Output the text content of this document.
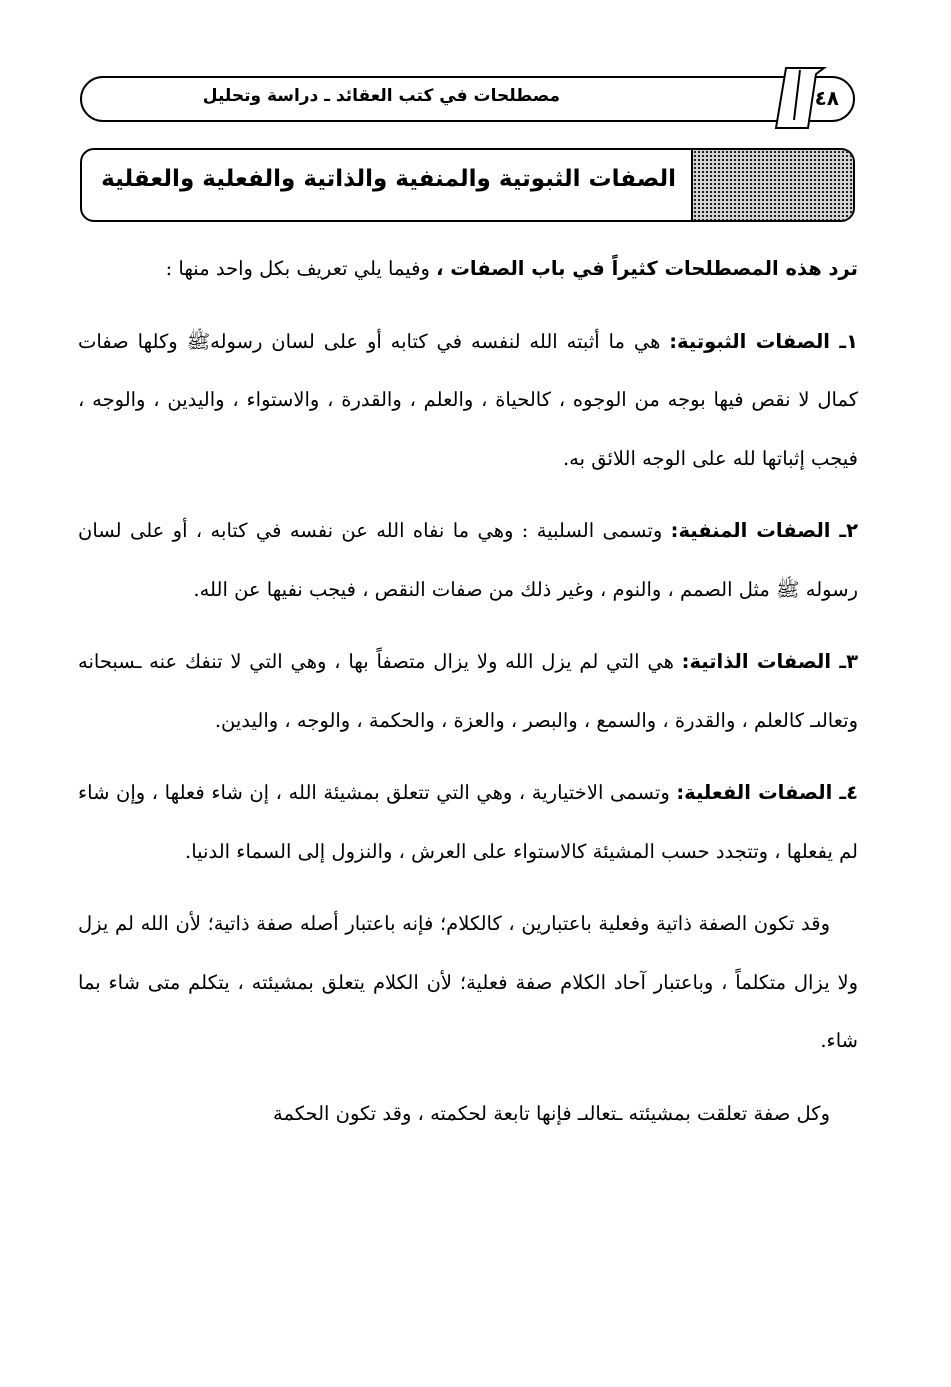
مصطلحات في كتب العقائد ـ دراسة وتحليل	٤٨
الصفات الثبوتية والمنفية والذاتية والفعلية والعقلية

ترد هذه المصطلحات كثيراً في باب الصفات ، وفيما يلي تعريف بكل واحد منها :

١ـ الصفات الثبوتية: هي ما أثبته الله لنفسه في كتابه أو على لسان رسولهﷺ وكلها صفات كمال لا نقص فيها بوجه من الوجوه ، كالحياة ، والعلم ، والقدرة ، والاستواء ، واليدين ، والوجه ، فيجب إثباتها لله على الوجه اللائق به.

٢ـ الصفات المنفية: وتسمى السلبية : وهي ما نفاه الله عن نفسه في كتابه ، أو على لسان رسوله ﷺ مثل الصمم ، والنوم ، وغير ذلك من صفات النقص ، فيجب نفيها عن الله.

٣ـ الصفات الذاتية: هي التي لم يزل الله ولا يزال متصفاً بها ، وهي التي لا تنفك عنه ـسبحانه وتعالىـ كالعلم ، والقدرة ، والسمع ، والبصر ، والعزة ، والحكمة ، والوجه ، واليدين.

٤ـ الصفات الفعلية: وتسمى الاختيارية ، وهي التي تتعلق بمشيئة الله ، إن شاء فعلها ، وإن شاء لم يفعلها ، وتتجدد حسب المشيئة كالاستواء على العرش ، والنزول إلى السماء الدنيا.

وقد تكون الصفة ذاتية وفعلية باعتبارين ، كالكلام؛ فإنه باعتبار أصله صفة ذاتية؛ لأن الله لم يزل ولا يزال متكلماً ، وباعتبار آحاد الكلام صفة فعلية؛ لأن الكلام يتعلق بمشيئته ، يتكلم متى شاء بما شاء.

وكل صفة تعلقت بمشيئته ـتعالىـ فإنها تابعة لحكمته ، وقد تكون الحكمة
